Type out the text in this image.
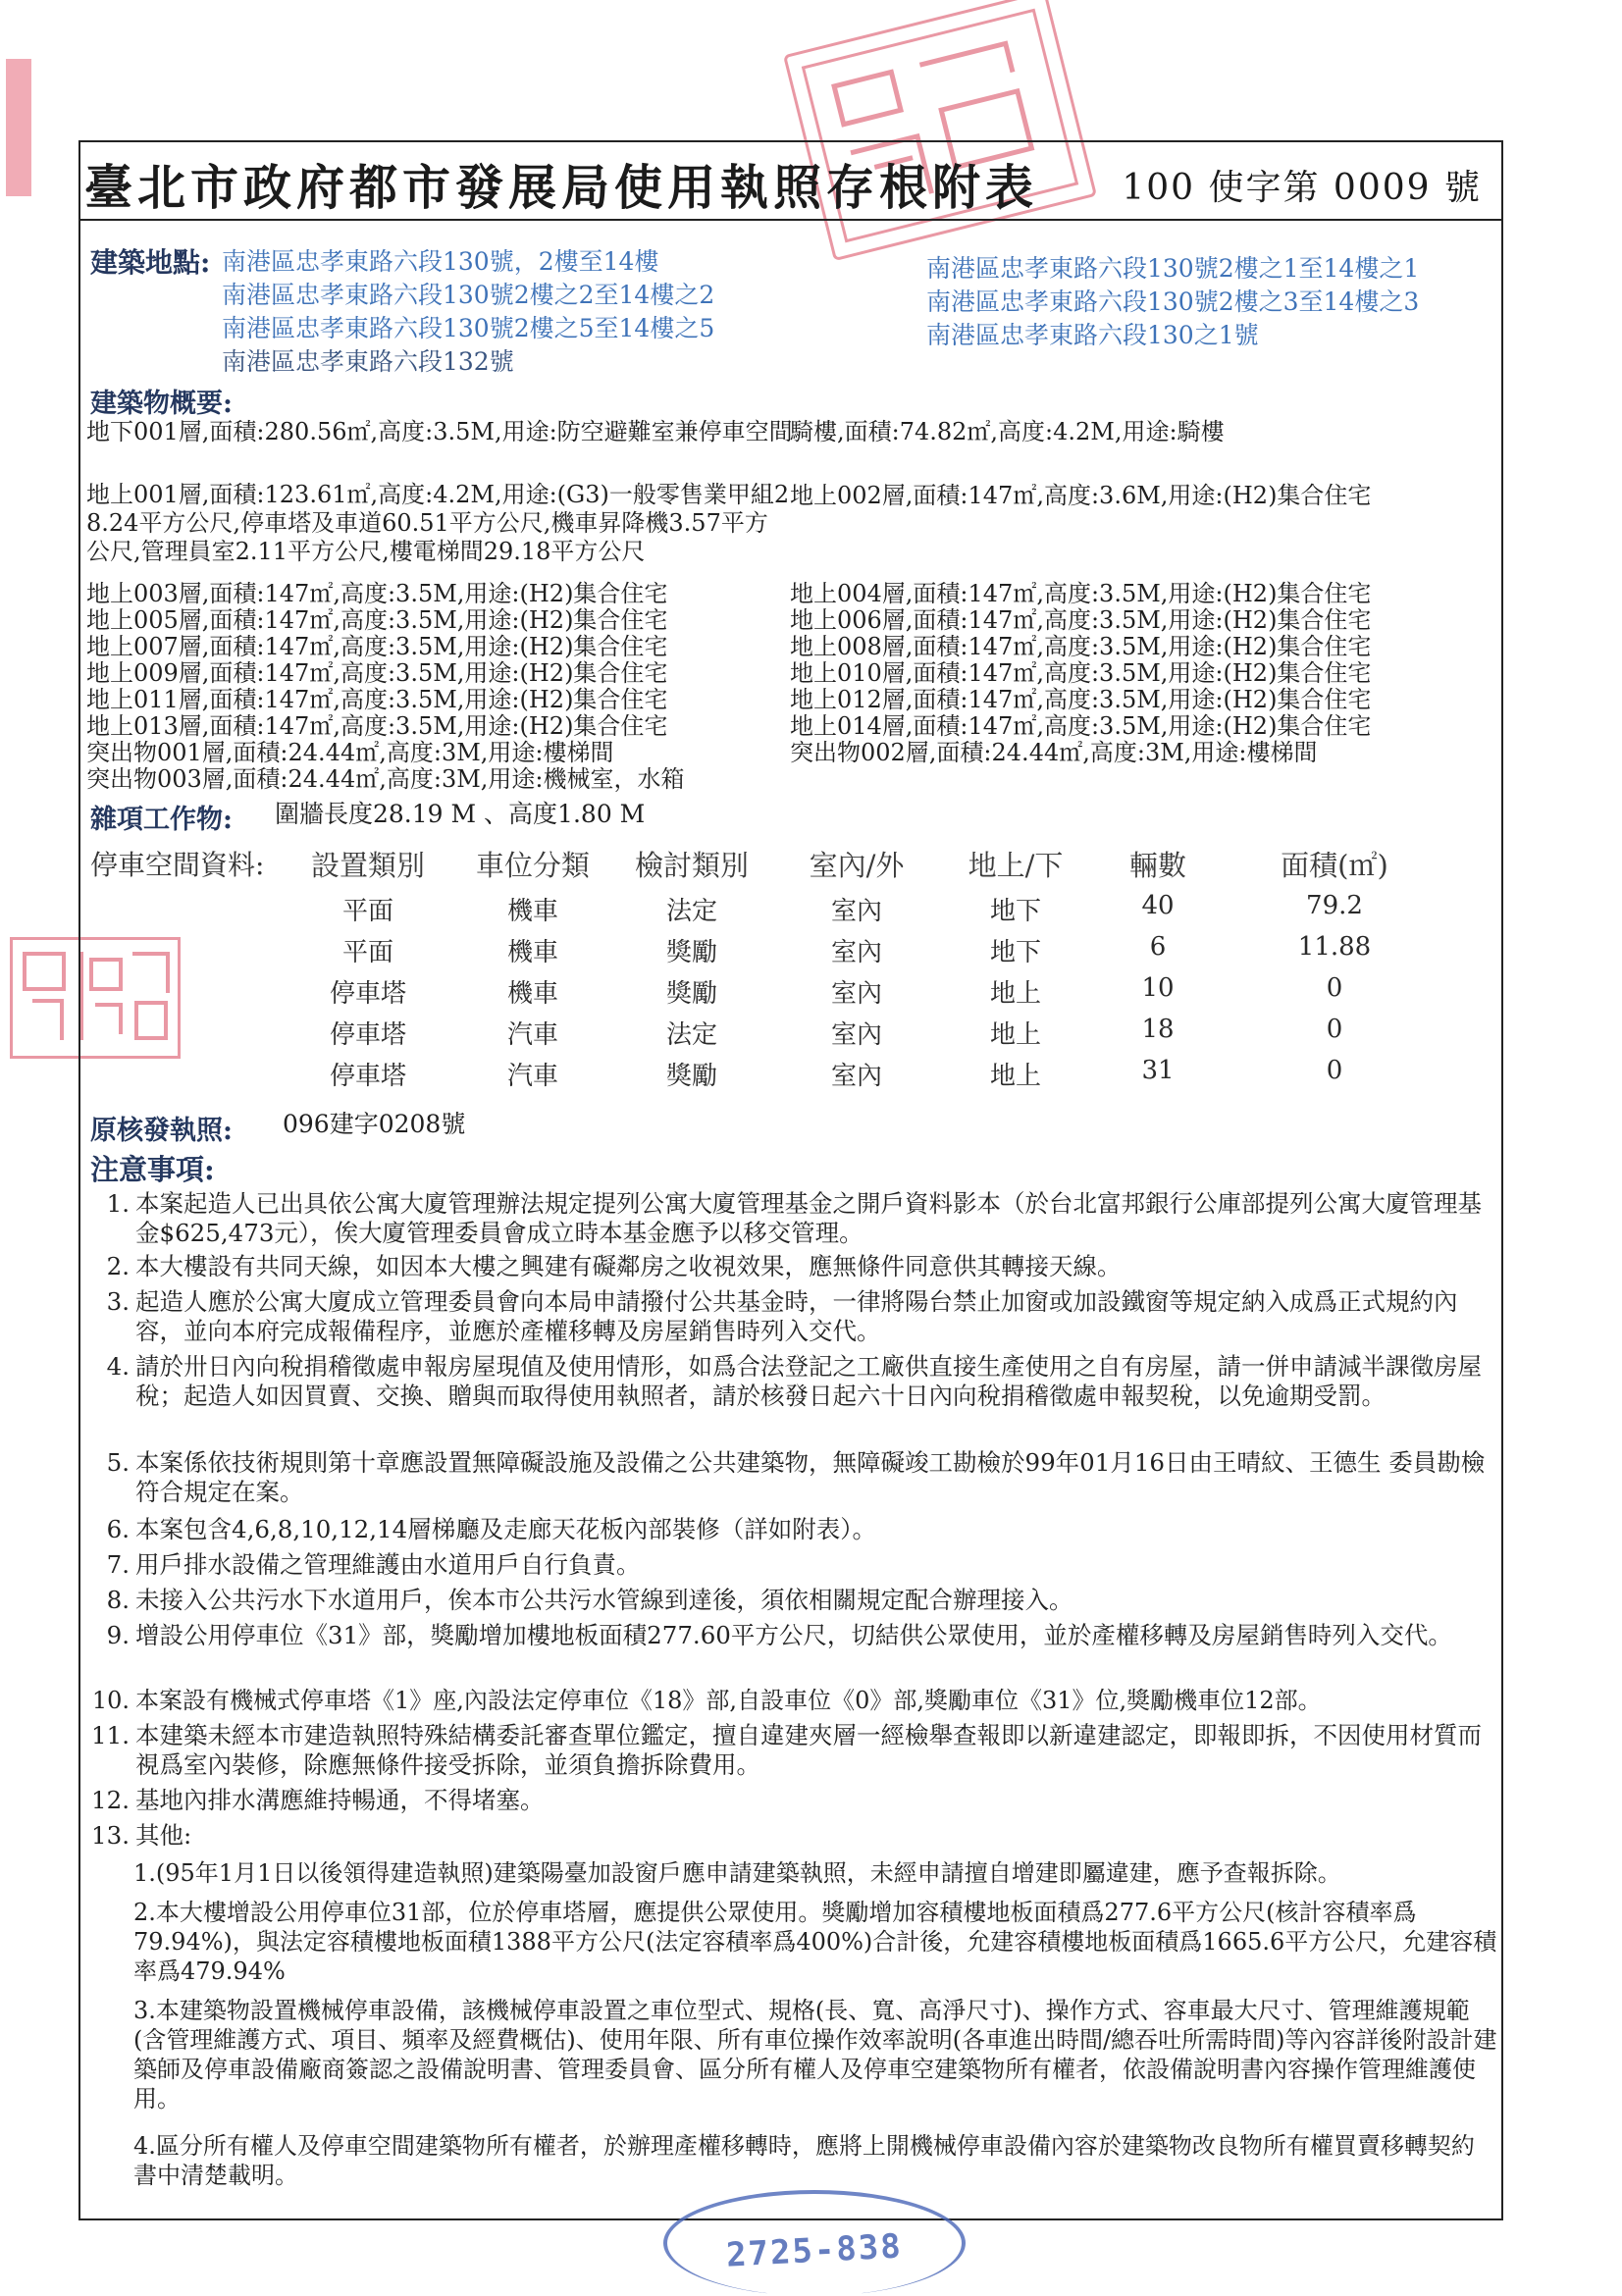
臺北市政府都市發展局使用執照存根附表 100 使字第 0009 號
建築地點: 南港區忠孝東路六段130號，2樓至14樓
南港區忠孝東路六段130號2樓之2至14樓之2
南港區忠孝東路六段130號2樓之5至14樓之5
南港區忠孝東路六段132號
南港區忠孝東路六段130號2樓之1至14樓之1
南港區忠孝東路六段130號2樓之3至14樓之3
南港區忠孝東路六段130之1號
建築物概要:
地下001層,面積:280.56㎡,高度:3.5M,用途:防空避難室兼停車空間
騎樓,面積:74.82㎡,高度:4.2M,用途:騎樓
地上001層,面積:123.61㎡,高度:4.2M,用途:(G3)一般零售業甲組28.24平方公尺,停車塔及車道60.51平方公尺,機車昇降機3.57平方公尺,管理員室2.11平方公尺,樓電梯間29.18平方公尺
地上002層,面積:147㎡,高度:3.6M,用途:(H2)集合住宅
地上003層,面積:147㎡,高度:3.5M,用途:(H2)集合住宅
地上005層,面積:147㎡,高度:3.5M,用途:(H2)集合住宅
地上007層,面積:147㎡,高度:3.5M,用途:(H2)集合住宅
地上009層,面積:147㎡,高度:3.5M,用途:(H2)集合住宅
地上011層,面積:147㎡,高度:3.5M,用途:(H2)集合住宅
地上013層,面積:147㎡,高度:3.5M,用途:(H2)集合住宅
突出物001層,面積:24.44㎡,高度:3M,用途:樓梯間
突出物003層,面積:24.44㎡,高度:3M,用途:機械室，水箱
地上004層,面積:147㎡,高度:3.5M,用途:(H2)集合住宅
地上006層,面積:147㎡,高度:3.5M,用途:(H2)集合住宅
地上008層,面積:147㎡,高度:3.5M,用途:(H2)集合住宅
地上010層,面積:147㎡,高度:3.5M,用途:(H2)集合住宅
地上012層,面積:147㎡,高度:3.5M,用途:(H2)集合住宅
地上014層,面積:147㎡,高度:3.5M,用途:(H2)集合住宅
突出物002層,面積:24.44㎡,高度:3M,用途:樓梯間
雜項工作物: 圍牆長度28.19 M 、高度1.80 M
停車空間資料: 設置類別 車位分類 檢討類別	室內/外	地上/下	輛數	面積(㎡)
平面	機車	法定	室內	地下	40	79.2
平面	機車	獎勵	室內	地下	6	11.88
停車塔	機車	獎勵	室內	地上	10	0
停車塔	汽車	法定	室內	地上	18	0
停車塔	汽車	獎勵	室內	地上	31	0
原核發執照: 096建字0208號
注意事項:
1. 本案起造人已出具依公寓大廈管理辦法規定提列公寓大廈管理基金之開戶資料影本（於台北富邦銀行公庫部提列公寓大廈管理基金$625,473元），俟大廈管理委員會成立時本基金應予以移交管理。
2. 本大樓設有共同天線，如因本大樓之興建有礙鄰房之收視效果，應無條件同意供其轉接天線。
3. 起造人應於公寓大廈成立管理委員會向本局申請撥付公共基金時，一律將陽台禁止加窗或加設鐵窗等規定納入成爲正式規約內容，並向本府完成報備程序，並應於產權移轉及房屋銷售時列入交代。
4. 請於卅日內向稅捐稽徵處申報房屋現值及使用情形，如爲合法登記之工廠供直接生產使用之自有房屋，請一併申請減半課徵房屋稅；起造人如因買賣、交換、贈與而取得使用執照者，請於核發日起六十日內向稅捐稽徵處申報契稅，以免逾期受罰。
5. 本案係依技術規則第十章應設置無障礙設施及設備之公共建築物，無障礙竣工勘檢於99年01月16日由王晴紋、王德生 委員勘檢符合規定在案。
6. 本案包含4,6,8,10,12,14層梯廳及走廊天花板內部裝修（詳如附表）。
7. 用戶排水設備之管理維護由水道用戶自行負責。
8. 未接入公共污水下水道用戶，俟本市公共污水管線到達後，須依相關規定配合辦理接入。
9. 增設公用停車位《31》部，獎勵增加樓地板面積277.60平方公尺，切結供公眾使用，並於產權移轉及房屋銷售時列入交代。
10. 本案設有機械式停車塔《1》座,內設法定停車位《18》部,自設車位《0》部,獎勵車位《31》位,獎勵機車位12部。
11. 本建築未經本市建造執照特殊結構委託審查單位鑑定，擅自違建夾層一經檢舉查報即以新違建認定，即報即拆，不因使用材質而視爲室內裝修，除應無條件接受拆除，並須負擔拆除費用。
12. 基地內排水溝應維持暢通，不得堵塞。
13. 其他:
1.(95年1月1日以後領得建造執照)建築陽臺加設窗戶應申請建築執照，未經申請擅自增建即屬違建，應予查報拆除。
2.本大樓增設公用停車位31部，位於停車塔層，應提供公眾使用。獎勵增加容積樓地板面積爲277.6平方公尺(核計容積率爲79.94%)，與法定容積樓地板面積1388平方公尺(法定容積率爲400%)合計後，允建容積樓地板面積爲1665.6平方公尺，允建容積率爲479.94%
3.本建築物設置機械停車設備，該機械停車設置之車位型式、規格(長、寬、高淨尺寸)、操作方式、容車最大尺寸、管理維護規範(含管理維護方式、項目、頻率及經費概估)、使用年限、所有車位操作效率說明(各車進出時間/總吞吐所需時間)等內容詳後附設計建築師及停車設備廠商簽認之設備說明書、管理委員會、區分所有權人及停車空建築物所有權者，依設備說明書內容操作管理維護使用。
4.區分所有權人及停車空間建築物所有權者，於辦理產權移轉時，應將上開機械停車設備內容於建築物改良物所有權買賣移轉契約書中清楚載明。
2725-838
